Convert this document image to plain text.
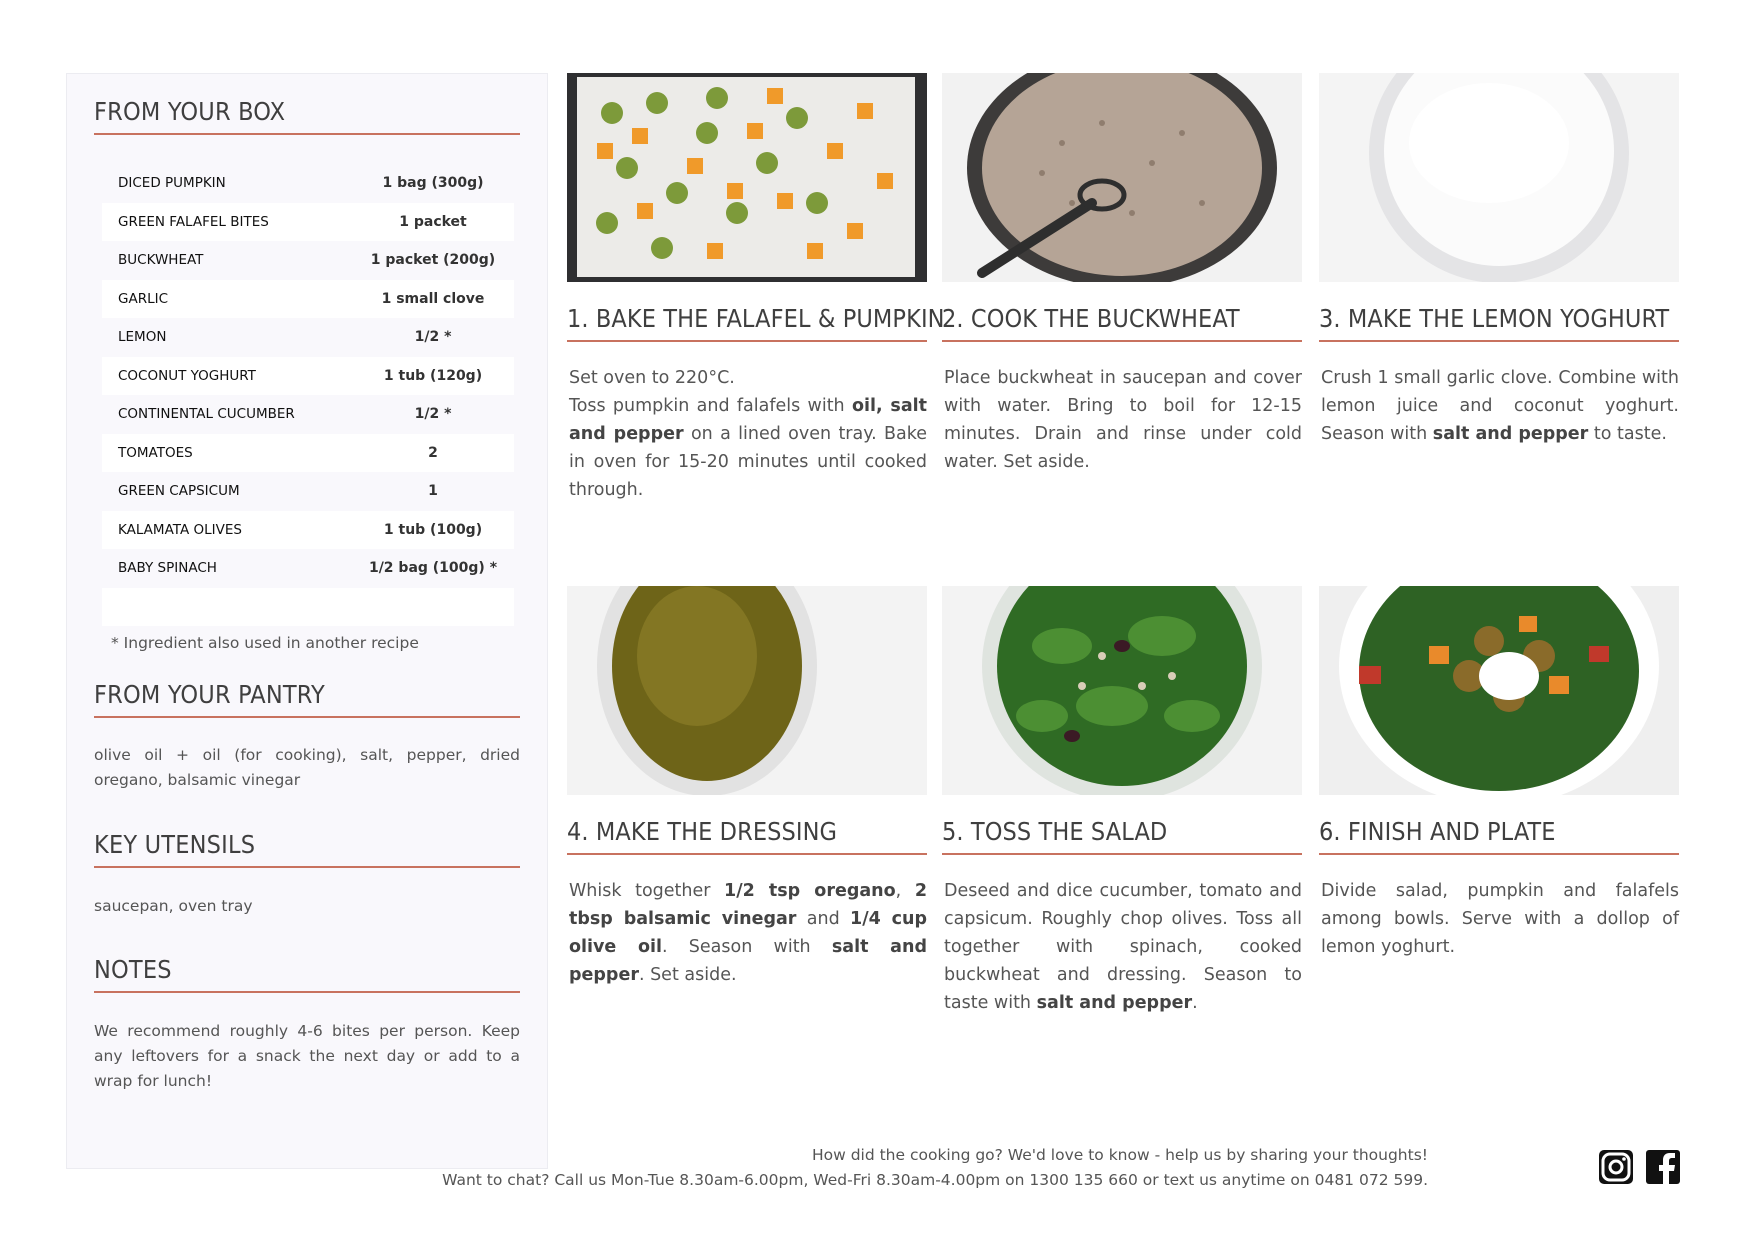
FROM YOUR BOX
DICED PUMPKIN	1 bag (300g)
GREEN FALAFEL BITES	1 packet
BUCKWHEAT	1 packet (200g)
GARLIC	1 small clove
LEMON	1/2 *
COCONUT YOGHURT	1 tub (120g)
CONTINENTAL CUCUMBER	1/2 *
TOMATOES	2
GREEN CAPSICUM	1
KALAMATA OLIVES	1 tub (100g)
BABY SPINACH	1/2 bag (100g) *

* Ingredient also used in another recipe
FROM YOUR PANTRY
olive oil + oil (for cooking), salt, pepper, dried oregano, balsamic vinegar
KEY UTENSILS
saucepan, oven tray
NOTES
We recommend roughly 4-6 bites per person. Keep any leftovers for a snack the next day or add to a wrap for lunch!
1. BAKE THE FALAFEL & PUMPKIN
Set oven to 220°C.
Toss pumpkin and falafels with oil, salt and pepper on a lined oven tray. Bake in oven for 15-20 minutes until cooked through.
2. COOK THE BUCKWHEAT
Place buckwheat in saucepan and cover with water. Bring to boil for 12-15 minutes. Drain and rinse under cold water. Set aside.
3. MAKE THE LEMON YOGHURT
Crush 1 small garlic clove. Combine with lemon juice and coconut yoghurt. Season with salt and pepper to taste.
4. MAKE THE DRESSING
Whisk together 1/2 tsp oregano, 2 tbsp balsamic vinegar and 1/4 cup olive oil. Season with salt and pepper. Set aside.
5. TOSS THE SALAD
Deseed and dice cucumber, tomato and capsicum. Roughly chop olives. Toss all together with spinach, cooked buckwheat and dressing. Season to taste with salt and pepper.
6. FINISH AND PLATE
Divide salad, pumpkin and falafels among bowls. Serve with a dollop of lemon yoghurt.
How did the cooking go? We'd love to know - help us by sharing your thoughts!
Want to chat? Call us Mon-Tue 8.30am-6.00pm, Wed-Fri 8.30am-4.00pm on 1300 135 660 or text us anytime on 0481 072 599.
